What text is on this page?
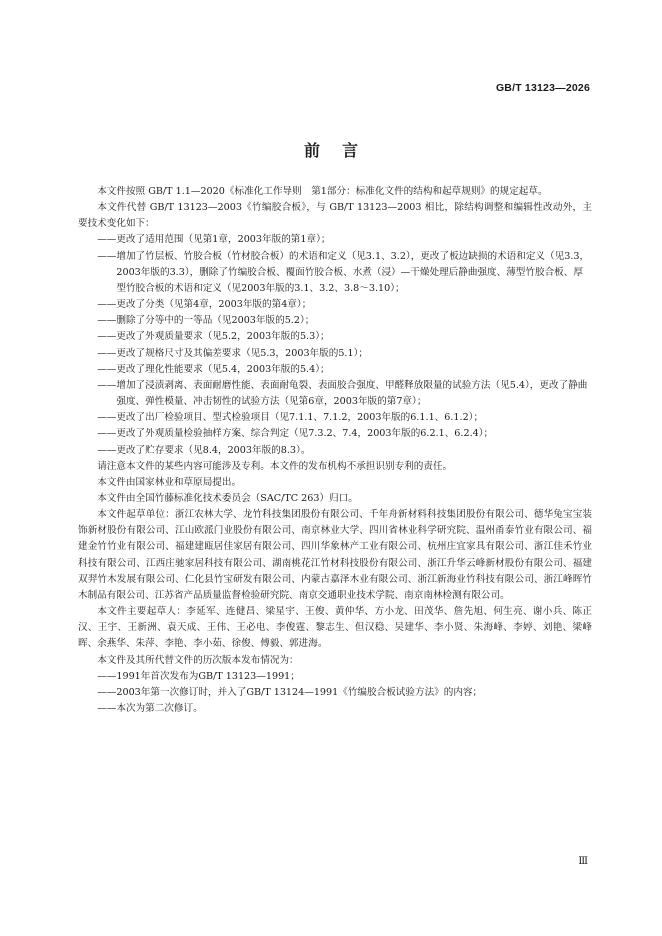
GB/T 13123—2026
前言

本文件按照 GB/T 1.1—2020《标准化工作导则　第1部分：标准化文件的结构和起草规则》的规定起草。

本文件代替 GB/T 13123—2003《竹编胶合板》，与 GB/T 13123—2003 相比，除结构调整和编辑性改动外，主要技术变化如下：

——更改了适用范围（见第1章，2003年版的第1章）；

——增加了竹层板、竹胶合板（竹材胶合板）的术语和定义（见3.1、3.2），更改了板边缺损的术语和定义（见3.3，2003年版的3.3），删除了竹编胶合板、覆面竹胶合板、水煮（浸）—干燥处理后静曲强度、薄型竹胶合板、厚型竹胶合板的术语和定义（见2003年版的3.1、3.2、3.8～3.10）；

——更改了分类（见第4章，2003年版的第4章）；

——删除了分等中的一等品（见2003年版的5.2）；

——更改了外观质量要求（见5.2，2003年版的5.3）；

——更改了规格尺寸及其偏差要求（见5.3，2003年版的5.1）；

——更改了理化性能要求（见5.4，2003年版的5.4）；

——增加了浸渍剥离、表面耐磨性能、表面耐龟裂、表面胶合强度、甲醛释放限量的试验方法（见5.4），更改了静曲强度、弹性模量、冲击韧性的试验方法（见第6章，2003年版的第7章）；

——更改了出厂检验项目、型式检验项目（见7.1.1、7.1.2，2003年版的6.1.1、6.1.2）；

——更改了外观质量检验抽样方案、综合判定（见7.3.2、7.4，2003年版的6.2.1、6.2.4）；

——更改了贮存要求（见8.4，2003年版的8.3）。

请注意本文件的某些内容可能涉及专利。本文件的发布机构不承担识别专利的责任。

本文件由国家林业和草原局提出。

本文件由全国竹藤标准化技术委员会（SAC/TC 263）归口。

本文件起草单位：浙江农林大学、龙竹科技集团股份有限公司、千年舟新材料科技集团股份有限公司、德华兔宝宝装饰新材股份有限公司、江山欧派门业股份有限公司、南京林业大学、四川省林业科学研究院、温州甬泰竹业有限公司、福建金竹竹业有限公司、福建建瓯居佳家居有限公司、四川华象林产工业有限公司、杭州庄宜家具有限公司、浙江佳禾竹业科技有限公司、江西庄驰家居科技有限公司、湖南桃花江竹材科技股份有限公司、浙江升华云峰新材股份有限公司、福建双羿竹木发展有限公司、仁化县竹宝研发有限公司、内蒙古嘉泽木业有限公司、浙江新海业竹科技有限公司、浙江峰晖竹木制品有限公司、江苏省产品质量监督检验研究院、南京交通职业技术学院、南京南林检测有限公司。

本文件主要起草人：李延军、连健昌、梁星宇、王俊、黄仲华、方小龙、田茂华、詹先旭、何生亮、谢小兵、陈正汉、王宇、王新洲、袁天成、王伟、王必电、李俊霆、黎志生、但汉稳、吴建华、李小贤、朱海峰、李婷、刘艳、梁峰晖、余燕华、朱萍、李艳、李小茹、徐俊、傅毅、郭进海。

本文件及其所代替文件的历次版本发布情况为：

——1991年首次发布为GB/T 13123—1991；

——2003年第一次修订时，并入了GB/T 13124—1991《竹编胶合板试验方法》的内容；

——本次为第二次修订。

Ⅲ
